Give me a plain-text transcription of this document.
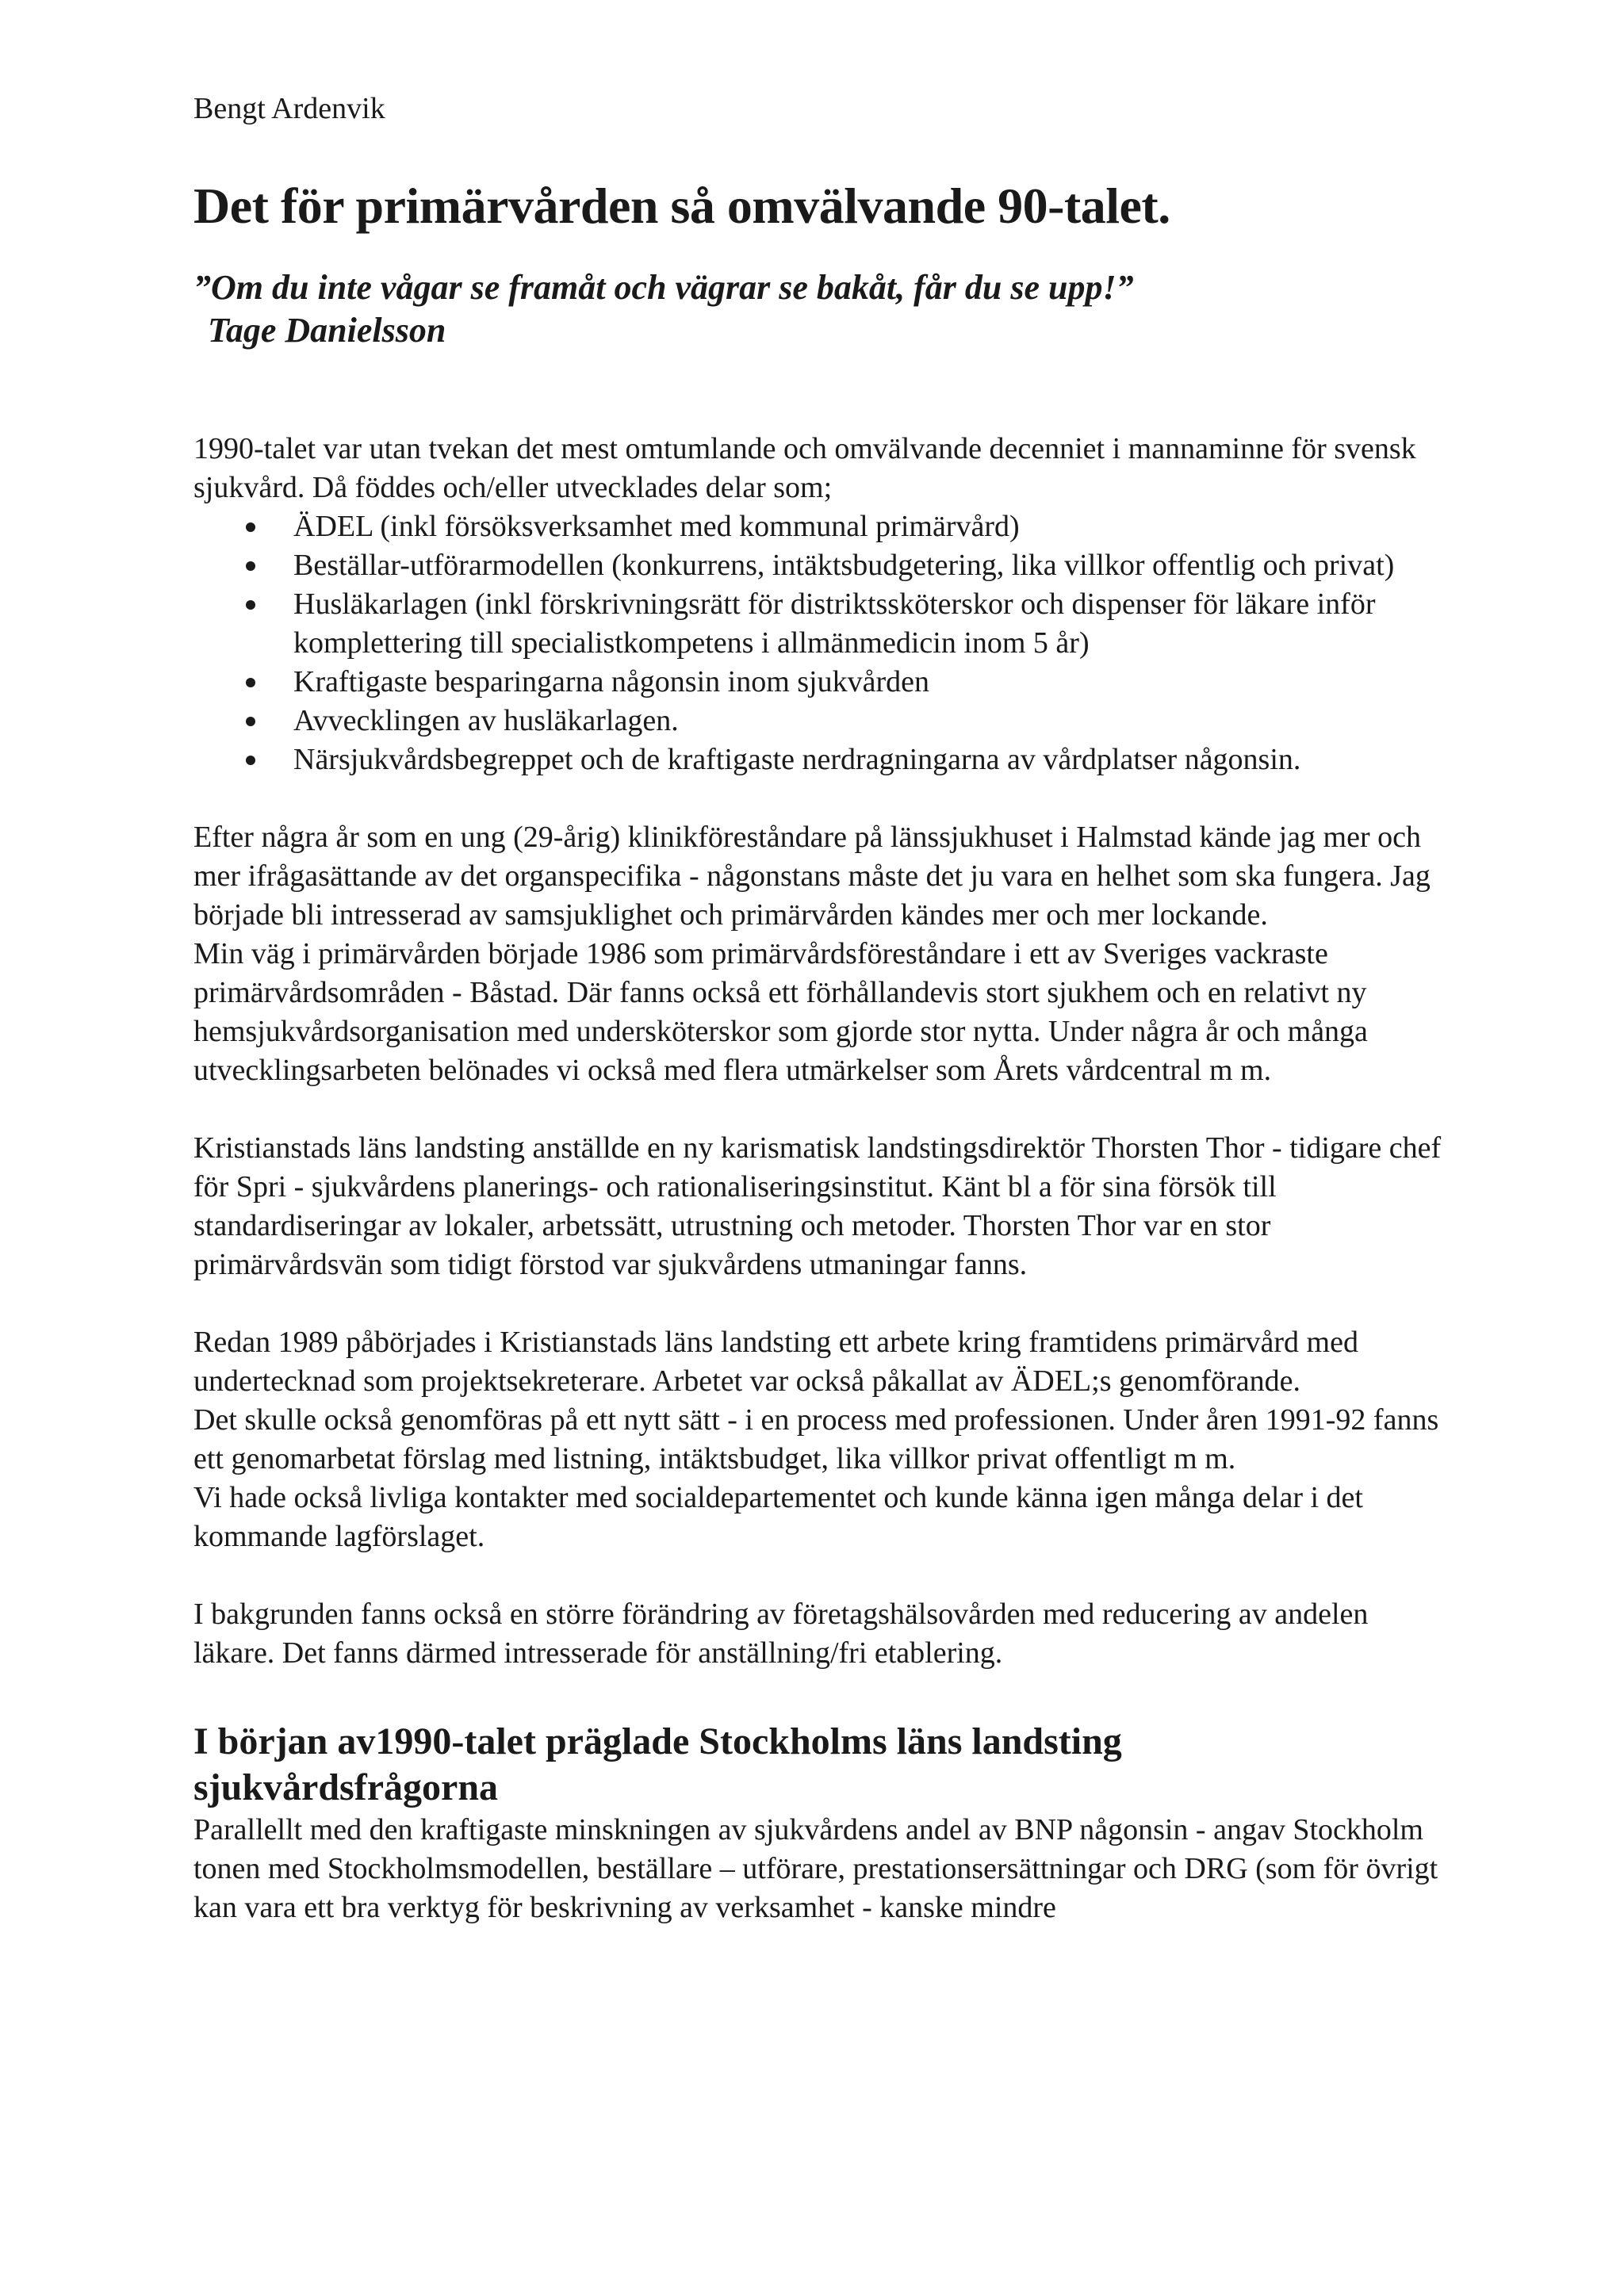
Bengt Ardenvik

Det för primärvården så omvälvande 90-talet.

”Om du inte vågar se framåt och vägrar se bakåt, får du se upp!”

Tage Danielsson

1990-talet var utan tvekan det mest omtumlande och omvälvande decenniet i mannaminne för svensk sjukvård. Då föddes och/eller utvecklades delar som;

ÄDEL (inkl försöksverksamhet med kommunal primärvård)
Beställar-utförarmodellen (konkurrens, intäktsbudgetering, lika villkor offentlig och privat)
Husläkarlagen (inkl förskrivningsrätt för distriktssköterskor och dispenser för läkare inför komplettering till specialistkompetens i allmänmedicin inom 5 år)
Kraftigaste besparingarna någonsin inom sjukvården
Avvecklingen av husläkarlagen.
Närsjukvårdsbegreppet och de kraftigaste nerdragningarna av vårdplatser någonsin.

Efter några år som en ung (29-årig) klinikföreståndare på länssjukhuset i Halmstad kände jag mer och mer ifrågasättande av det organspecifika - någonstans måste det ju vara en helhet som ska fungera. Jag började bli intresserad av samsjuklighet och primärvården kändes mer och mer lockande.

Min väg i primärvården började 1986 som primärvårdsföreståndare i ett av Sveriges vackraste primärvårdsområden - Båstad. Där fanns också ett förhållandevis stort sjukhem och en relativt ny hemsjukvårdsorganisation med undersköterskor som gjorde stor nytta. Under några år och många utvecklingsarbeten belönades vi också med flera utmärkelser som Årets vårdcentral m m.

Kristianstads läns landsting anställde en ny karismatisk landstingsdirektör Thorsten Thor - tidigare chef för Spri - sjukvårdens planerings- och rationaliseringsinstitut. Känt bl a för sina försök till standardiseringar av lokaler, arbetssätt, utrustning och metoder. Thorsten Thor var en stor primärvårdsvän som tidigt förstod var sjukvårdens utmaningar fanns.

Redan 1989 påbörjades i Kristianstads läns landsting ett arbete kring framtidens primärvård med undertecknad som projektsekreterare. Arbetet var också påkallat av ÄDEL;s genomförande.

Det skulle också genomföras på ett nytt sätt - i en process med professionen. Under åren 1991-92 fanns ett genomarbetat förslag med listning, intäktsbudget, lika villkor privat offentligt m m.

Vi hade också livliga kontakter med socialdepartementet och kunde känna igen många delar i det kommande lagförslaget.

I bakgrunden fanns också en större förändring av företagshälsovården med reducering av andelen läkare. Det fanns därmed intresserade för anställning/fri etablering.

I början av1990-talet präglade Stockholms läns landsting sjukvårdsfrågorna

Parallellt med den kraftigaste minskningen av sjukvårdens andel av BNP någonsin - angav Stockholm tonen med Stockholmsmodellen, beställare – utförare, prestationsersättningar och DRG (som för övrigt kan vara ett bra verktyg för beskrivning av verksamhet - kanske mindre
